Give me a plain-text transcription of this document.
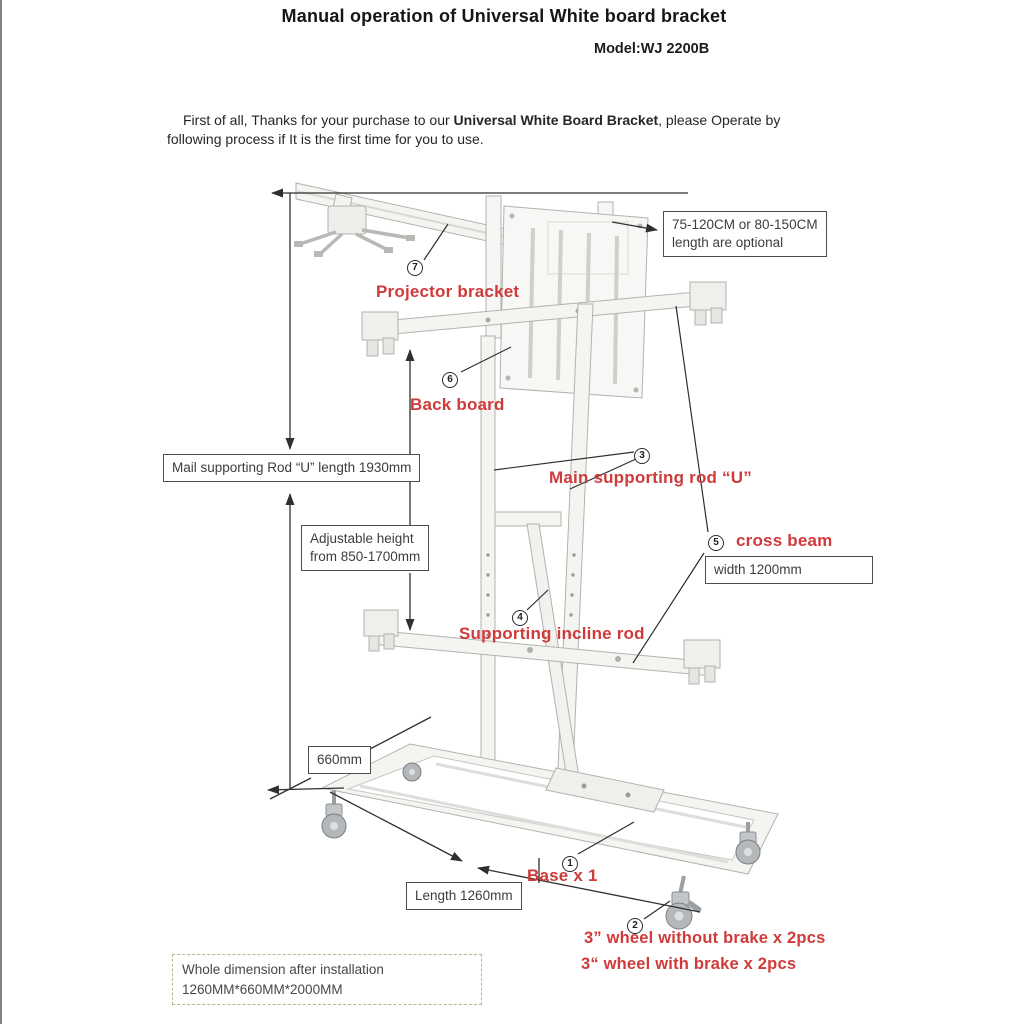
Manual operation of Universal White board bracket
Model:WJ 2200B
First of all, Thanks for your purchase to our Universal White Board Bracket, please Operate by following process if It is the first time for you to use.
75-120CM or 80-150CM
length are optional
Mail supporting Rod “U” length 1930mm
Adjustable height
from 850-1700mm
width 1200mm
660mm
Length 1260mm
7
6
3
5
4
1
2
Projector bracket
Back board
Main supporting rod “U”
cross beam
Supporting incline rod
Base x 1
3” wheel without brake x 2pcs
3“ wheel with brake x 2pcs
Whole dimension after installation
1260MM*660MM*2000MM
